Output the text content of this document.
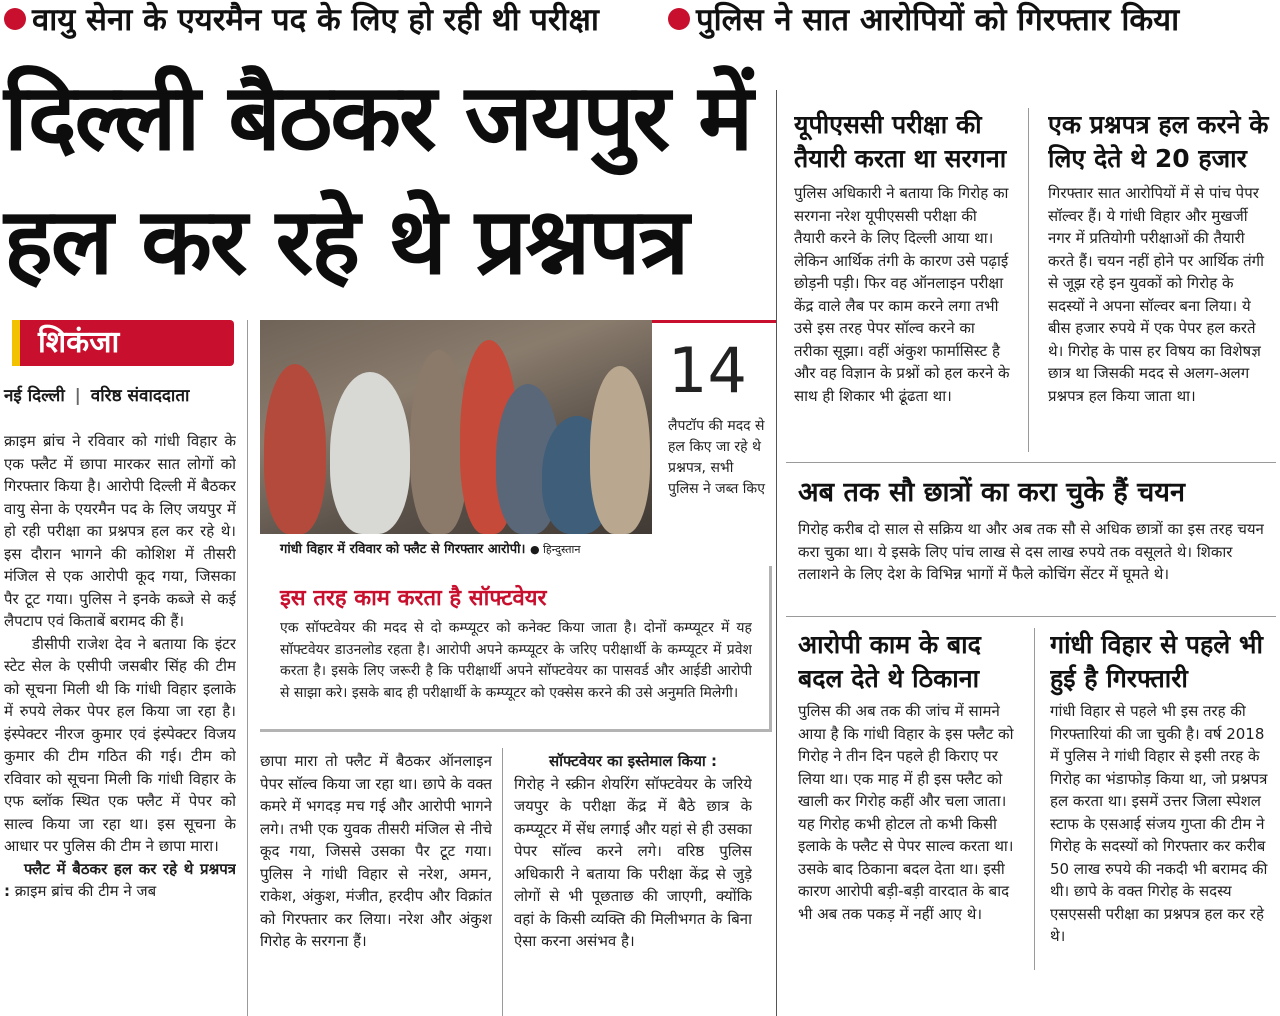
वायु सेना के एयरमैन पद के लिए हो रही थी परीक्षा	पुलिस ने सात आरोपियों को गिरफ्तार किया
दिल्ली बैठकर जयपुर में
हल कर रहे थे प्रश्नपत्र
शिकंजा
नई दिल्ली | वरिष्ठ संवाददाता

क्राइम ब्रांच ने रविवार को गांधी विहार के एक फ्लैट में छापा मारकर सात लोगों को गिरफ्तार किया है। आरोपी दिल्ली में बैठकर वायु सेना के एयरमैन पद के लिए जयपुर में हो रही परीक्षा का प्रश्नपत्र हल कर रहे थे। इस दौरान भागने की कोशिश में तीसरी मंजिल से एक आरोपी कूद गया, जिसका पैर टूट गया। पुलिस ने इनके कब्जे से कई लैपटाप एवं किताबें बरामद की हैं।

डीसीपी राजेश देव ने बताया कि इंटर स्टेट सेल के एसीपी जसबीर सिंह की टीम को सूचना मिली थी कि गांधी विहार इलाके में रुपये लेकर पेपर हल किया जा रहा है। इंस्पेक्टर नीरज कुमार एवं इंस्पेक्टर विजय कुमार की टीम गठित की गई। टीम को रविवार को सूचना मिली कि गांधी विहार के एफ ब्लॉक स्थित एक फ्लैट में पेपर को साल्व किया जा रहा था। इस सूचना के आधार पर पुलिस की टीम ने छापा मारा।

फ्लैट में बैठकर हल कर रहे थे प्रश्नपत्र : क्राइम ब्रांच की टीम ने जब

गांधी विहार में रविवार को फ्लैट से गिरफ्तार आरोपी। ● हिन्दुस्तान
14
लैपटॉप की मदद से हल किए जा रहे थे प्रश्नपत्र, सभी पुलिस ने जब्त किए
इस तरह काम करता है सॉफ्टवेयर
एक सॉफ्टवेयर की मदद से दो कम्प्यूटर को कनेक्ट किया जाता है। दोनों कम्प्यूटर में यह सॉफ्टवेयर डाउनलोड रहता है। आरोपी अपने कम्प्यूटर के जरिए परीक्षार्थी के कम्प्यूटर में प्रवेश करता है। इसके लिए जरूरी है कि परीक्षार्थी अपने सॉफ्टवेयर का पासवर्ड और आईडी आरोपी से साझा करे। इसके बाद ही परीक्षार्थी के कम्प्यूटर को एक्सेस करने की उसे अनुमति मिलेगी।
छापा मारा तो फ्लैट में बैठकर ऑनलाइन पेपर सॉल्व किया जा रहा था। छापे के वक्त कमरे में भगदड़ मच गई और आरोपी भागने लगे। तभी एक युवक तीसरी मंजिल से नीचे कूद गया, जिससे उसका पैर टूट गया। पुलिस ने गांधी विहार से नरेश, अमन, राकेश, अंकुश, मंजीत, हरदीप और विक्रांत को गिरफ्तार कर लिया। नरेश और अंकुश गिरोह के सरगना हैं।
सॉफ्टवेयर का इस्तेमाल किया :
गिरोह ने स्क्रीन शेयरिंग सॉफ्टवेयर के जरिये जयपुर के परीक्षा केंद्र में बैठे छात्र के कम्प्यूटर में सेंध लगाई और यहां से ही उसका पेपर सॉल्व करने लगे। वरिष्ठ पुलिस अधिकारी ने बताया कि परीक्षा केंद्र से जुड़े लोगों से भी पूछताछ की जाएगी, क्योंकि वहां के किसी व्यक्ति की मिलीभगत के बिना ऐसा करना असंभव है।
यूपीएससी परीक्षा की तैयारी करता था सरगना
पुलिस अधिकारी ने बताया कि गिरोह का सरगना नरेश यूपीएससी परीक्षा की तैयारी करने के लिए दिल्ली आया था। लेकिन आर्थिक तंगी के कारण उसे पढ़ाई छोड़नी पड़ी। फिर वह ऑनलाइन परीक्षा केंद्र वाले लैब पर काम करने लगा तभी उसे इस तरह पेपर सॉल्व करने का तरीका सूझा। वहीं अंकुश फार्मासिस्ट है और वह विज्ञान के प्रश्नों को हल करने के साथ ही शिकार भी ढूंढता था।
एक प्रश्नपत्र हल करने के लिए देते थे 20 हजार
गिरफ्तार सात आरोपियों में से पांच पेपर सॉल्वर हैं। ये गांधी विहार और मुखर्जी नगर में प्रतियोगी परीक्षाओं की तैयारी करते हैं। चयन नहीं होने पर आर्थिक तंगी से जूझ रहे इन युवकों को गिरोह के सदस्यों ने अपना सॉल्वर बना लिया। ये बीस हजार रुपये में एक पेपर हल करते थे। गिरोह के पास हर विषय का विशेषज्ञ छात्र था जिसकी मदद से अलग-अलग प्रश्नपत्र हल किया जाता था।
अब तक सौ छात्रों का करा चुके हैं चयन
गिरोह करीब दो साल से सक्रिय था और अब तक सौ से अधिक छात्रों का इस तरह चयन करा चुका था। ये इसके लिए पांच लाख से दस लाख रुपये तक वसूलते थे। शिकार तलाशने के लिए देश के विभिन्न भागों में फैले कोचिंग सेंटर में घूमते थे।
आरोपी काम के बाद बदल देते थे ठिकाना
पुलिस की अब तक की जांच में सामने आया है कि गांधी विहार के इस फ्लैट को गिरोह ने तीन दिन पहले ही किराए पर लिया था। एक माह में ही इस फ्लैट को खाली कर गिरोह कहीं और चला जाता। यह गिरोह कभी होटल तो कभी किसी इलाके के फ्लैट से पेपर साल्व करता था। उसके बाद ठिकाना बदल देता था। इसी कारण आरोपी बड़ी-बड़ी वारदात के बाद भी अब तक पकड़ में नहीं आए थे।
गांधी विहार से पहले भी हुई है गिरफ्तारी
गांधी विहार से पहले भी इस तरह की गिरफ्तारियां की जा चुकी है। वर्ष 2018 में पुलिस ने गांधी विहार से इसी तरह के गिरोह का भंडाफोड़ किया था, जो प्रश्नपत्र हल करता था। इसमें उत्तर जिला स्पेशल स्टाफ के एसआई संजय गुप्ता की टीम ने गिरोह के सदस्यों को गिरफ्तार कर करीब 50 लाख रुपये की नकदी भी बरामद की थी। छापे के वक्त गिरोह के सदस्य एसएससी परीक्षा का प्रश्नपत्र हल कर रहे थे।
